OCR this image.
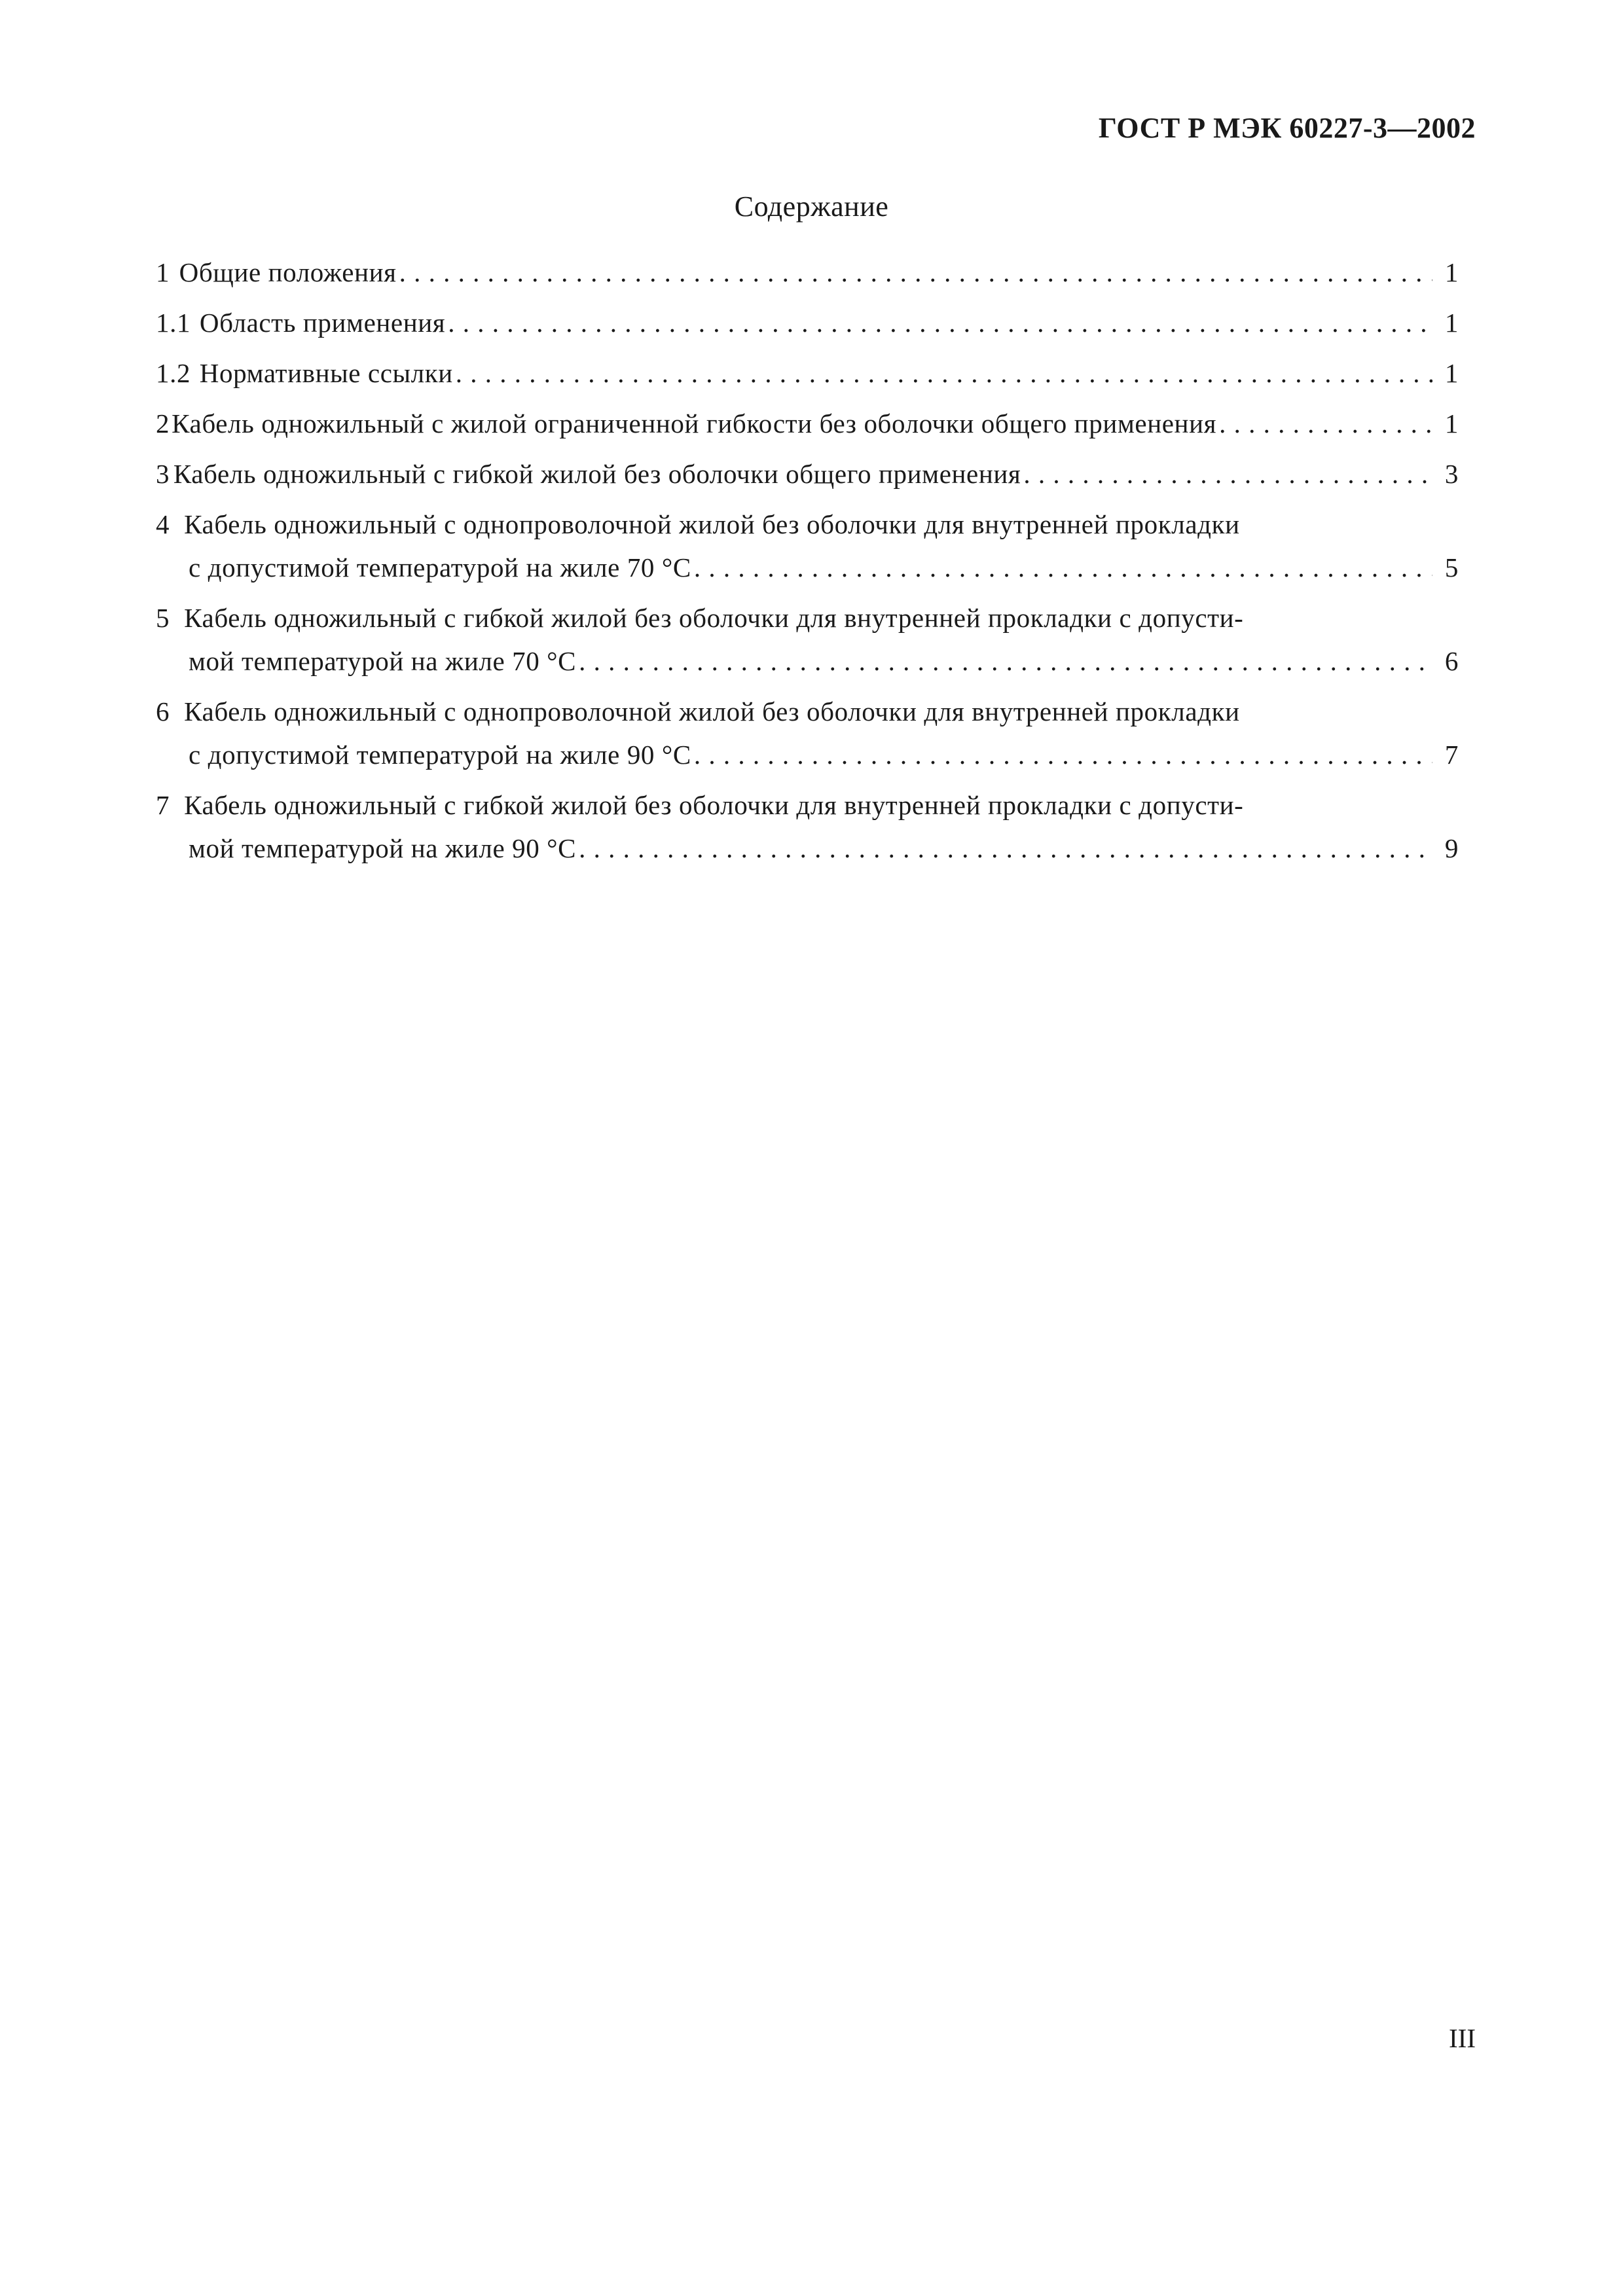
ГОСТ Р МЭК 60227-3—2002
Содержание
1 Общие положения . . .	1
1.1 Область применения . . .	1
1.2 Нормативные ссылки . . .	1
2 Кабель одножильный с жилой ограниченной гибкости без оболочки общего применения . . .	1
3 Кабель одножильный с гибкой жилой без оболочки общего применения . . .	3
4 Кабель одножильный с однопроволочной жилой без оболочки для внутренней прокладки
с допустимой температурой на жиле 70 °С . . .	5
5 Кабель одножильный с гибкой жилой без оболочки для внутренней прокладки с допусти-
мой температурой на жиле 70 °С . . .	6
6 Кабель одножильный с однопроволочной жилой без оболочки для внутренней прокладки
с допустимой температурой на жиле 90 °С . . .	7
7 Кабель одножильный с гибкой жилой без оболочки для внутренней прокладки с допусти-
мой температурой на жиле 90 °С . . .	9
III
